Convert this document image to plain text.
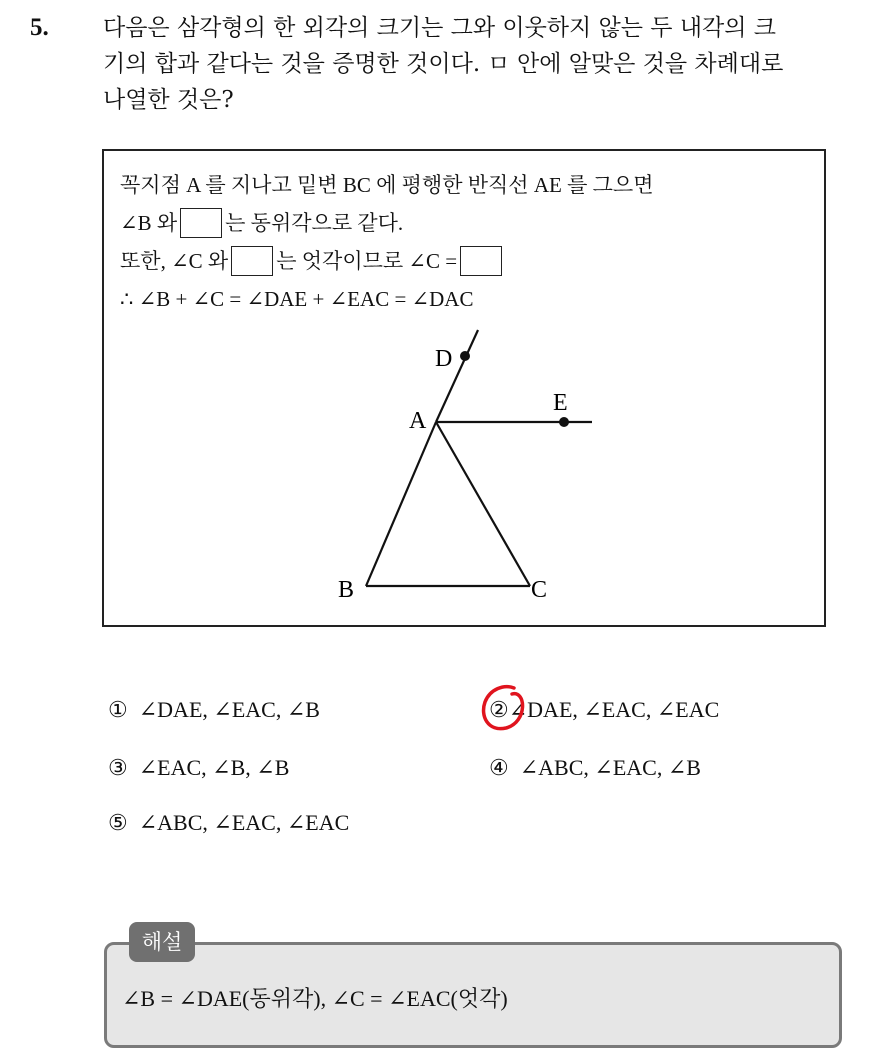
5. 다음은 삼각형의 한 외각의 크기는 그와 이웃하지 않는 두 내각의 크
기의 합과 같다는 것을 증명한 것이다. ㅁ 안에 알맞은 것을 차례대로
나열한 것은?
꼭지점 A 를 지나고 밑변 BC 에 평행한 반직선 AE 를 그으면
∠B 와 는 동위각으로 같다.
또한, ∠C 와 는 엇각이므로 ∠C =
∴ ∠B + ∠C = ∠DAE + ∠EAC = ∠DAC
D
A
E
B	C
① ∠DAE, ∠EAC, ∠B	②∠DAE, ∠EAC, ∠EAC
③ ∠EAC, ∠B, ∠B	④ ∠ABC, ∠EAC, ∠B
⑤ ∠ABC, ∠EAC, ∠EAC
해설
∠B = ∠DAE(동위각), ∠C = ∠EAC(엇각)
